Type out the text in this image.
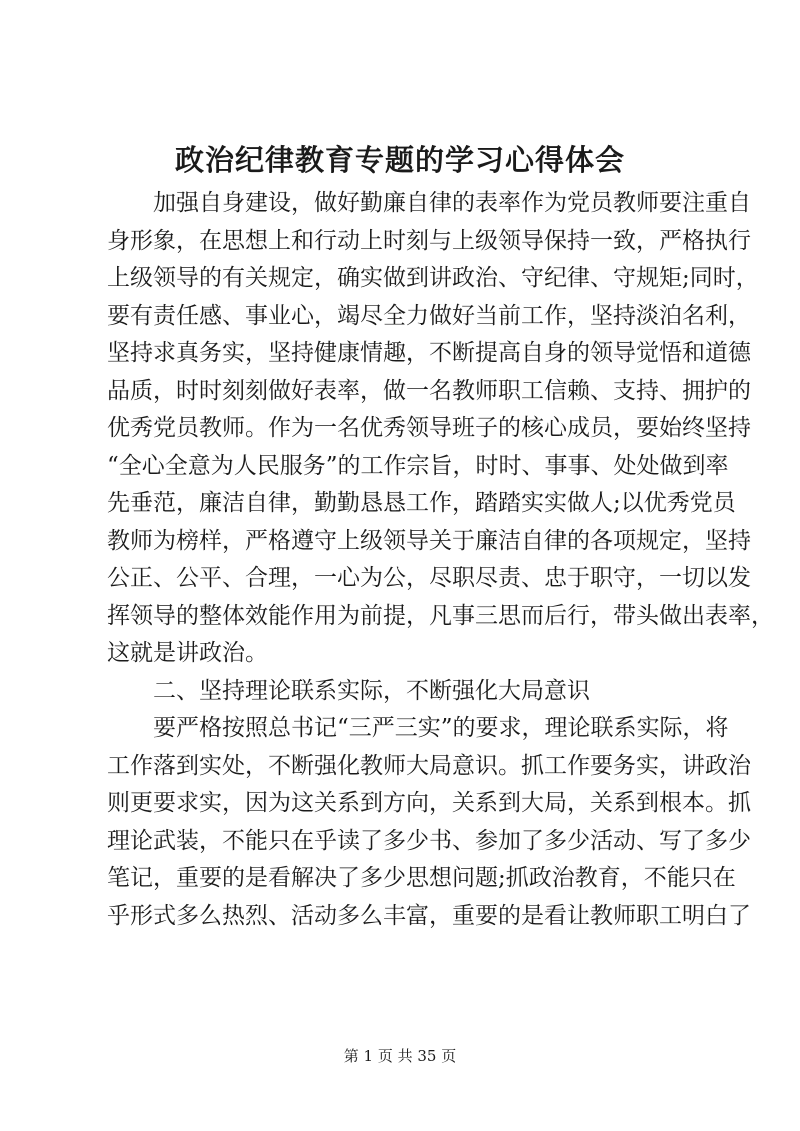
政治纪律教育专题的学习心得体会
加强自身建设，做好勤廉自律的表率作为党员教师要注重自
身形象，在思想上和行动上时刻与上级领导保持一致，严格执行
上级领导的有关规定，确实做到讲政治、守纪律、守规矩;同时，
要有责任感、事业心，竭尽全力做好当前工作，坚持淡泊名利，
坚持求真务实，坚持健康情趣，不断提高自身的领导觉悟和道德
品质，时时刻刻做好表率，做一名教师职工信赖、支持、拥护的
优秀党员教师。作为一名优秀领导班子的核心成员，要始终坚持
“全心全意为人民服务”的工作宗旨，时时、事事、处处做到率
先垂范，廉洁自律，勤勤恳恳工作，踏踏实实做人;以优秀党员
教师为榜样，严格遵守上级领导关于廉洁自律的各项规定，坚持
公正、公平、合理，一心为公，尽职尽责、忠于职守，一切以发
挥领导的整体效能作用为前提，凡事三思而后行，带头做出表率，
这就是讲政治。
二、坚持理论联系实际，不断强化大局意识
要严格按照总书记“三严三实”的要求，理论联系实际，将
工作落到实处，不断强化教师大局意识。抓工作要务实，讲政治
则更要求实，因为这关系到方向，关系到大局，关系到根本。抓
理论武装，不能只在乎读了多少书、参加了多少活动、写了多少
笔记，重要的是看解决了多少思想问题;抓政治教育，不能只在
乎形式多么热烈、活动多么丰富，重要的是看让教师职工明白了
第 1 页 共 35 页
